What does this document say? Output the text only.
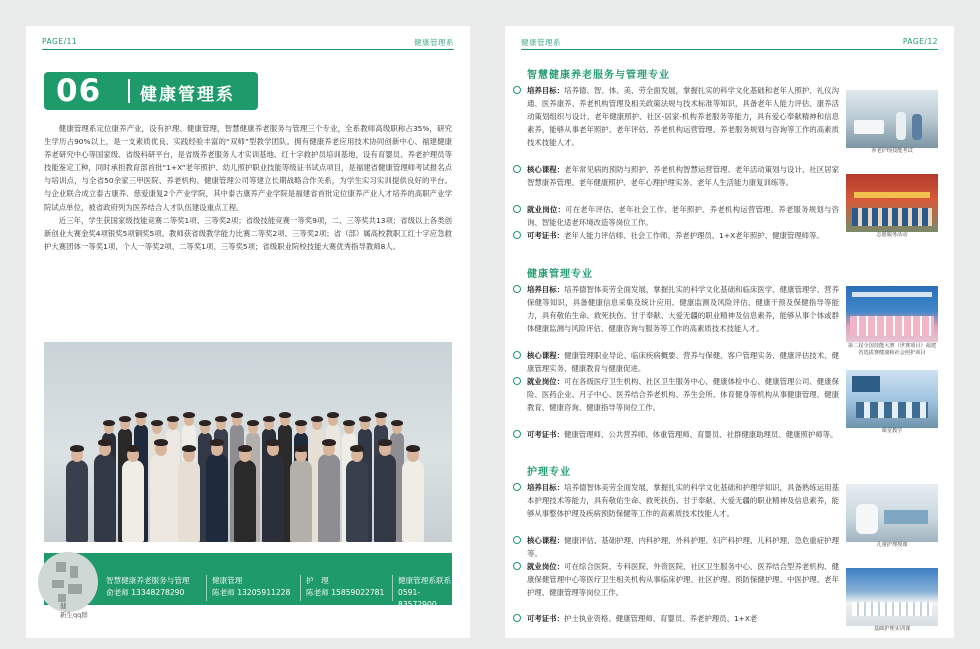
PAGE/11	健康管理系
06 健康管理系

健康管理系定位康养产业，设有护理、健康管理、智慧健康养老服务与管理三个专业，全系教师高级职称占35%，研究生学历占90%以上，是一支素质优良、实践经验丰富的“双师”型教学团队。拥有健康养老应用技术协同创新中心、福建健康养老研究中心等国家级、省级科研平台，是省级养老服务人才实训基地、红十字救护员培训基地，设有育婴员、养老护理员等技能鉴定工种，同时承担教育部首批“1+X”老年照护、幼儿照护职业技能等级证书试点项目，是福建省健康管理师考试报名点与培训点，与全省50余家三甲医院、养老机构、健康管理公司等建立长期战略合作关系，为学生实习实训提供良好的平台。与企业联合成立泰古康养、慈爱康复2个产业学院，其中泰古康养产业学院是福建省首批定位康养产业人才培养的高职产业学院试点单位，被省政府列为医养结合人才队伍建设重点工程。

近三年，学生获国家级技能竞赛二等奖1项、三等奖2项；省级技能竞赛一等奖9项，二、三等奖共13项；省级以上各类创新创业大赛金奖4项银奖5项铜奖5项。教师获省级教学能力比赛二等奖2项、三等奖2项；省（部）属高校教职工红十字应急救护大赛团体一等奖1项、个人一等奖2项、二等奖1项、三等奖5项；省级职业院校技能大赛优秀指导教师8人。

智慧健康养老服务与管理
俞老师 13348278290
健康管理
陈老师 13205911228
护　理
陈老师 15859022781
健康管理系联系
0591-83572900
健
新生qq群
健康管理系	PAGE/12
智慧健康养老服务与管理专业
培养目标：培养德、智、体、美、劳全面发展，掌握扎实的科学文化基础和老年人照护、礼仪沟通、医养康养、养老机构管理及相关政策法规与技术标准等知识，具备老年人能力评估、康养活动策划组织与设计、老年健康照护、社区-居家-机构养老服务等能力，具有爱心奉献精神和信息素养，能够从事老年照护、老年评估、养老机构运营管理、养老服务规划与咨询等工作的高素质技术技能人才。
核心课程：老年常见病的预防与照护、养老机构智慧运营管理、老年活动策划与设计、社区居家智慧康养管理、老年健康照护、老年心理护理实务、老年人生活能力康复训练等。
就业岗位：可在老年评估、老年社会工作、老年照护、养老机构运营管理、养老服务规划与咨询、智能化适老环境改造等岗位工作。
可考证书：老年人能力评估师、社会工作师、养老护理员、1+X老年照护、健康管理师等。
健康管理专业
培养目标：培养德智体美劳全面发展，掌握扎实的科学文化基础和临床医学、健康管理学、营养保健等知识，具备健康信息采集及统计应用、健康监测及风险评估、健康干预及保健指导等能力，具有敬佑生命、救死扶伤、甘于奉献、大爱无疆的职业精神及信息素养，能够从事个体或群体健康监测与风险评估、健康咨询与服务等工作的高素质技术技能人才。
核心课程：健康管理职业导论、临床疾病概要、营养与保健、客户管理实务、健康评估技术、健康管理实务、健康教育与健康促进。
就业岗位：可在各级医疗卫生机构、社区卫生服务中心、健康体检中心、健康管理公司、健康保险、医药企业、月子中心、医养结合养老机构、养生会所、体育健身等机构从事健康管理、健康教育、健康咨询、健康指导等岗位工作。
可考证书：健康管理师、公共营养师、体重管理师、育婴员、社群健康助理员、健康照护师等。
护理专业
培养目标：培养德智体美劳全面发展，掌握扎实的科学文化基础和护理学知识，具备熟练运用基本护理技术等能力，具有敬佑生命、救死扶伤、甘于奉献、大爱无疆的职业精神及信息素养，能够从事整体护理及疾病预防保健等工作的高素质技术技能人才。
核心课程：健康评估、基础护理、内科护理、外科护理、妇产科护理、儿科护理、急危重症护理等。
就业岗位：可在综合医院、专科医院、外资医院、社区卫生服务中心、医养结合型养老机构、健康保健管理中心等医疗卫生相关机构从事临床护理、社区护理、预防保健护理、中医护理、老年护理、健康管理等岗位工作。
可考证书：护士执业资格、健康管理师、育婴员、养老护理员、1+X老
养老护理技能考试
志愿服务活动
第二届全国技能大赛（世赛项目）福建省选拔赛健康和社会照护项目
课堂教学
儿童护理授课
基础护理实训课
